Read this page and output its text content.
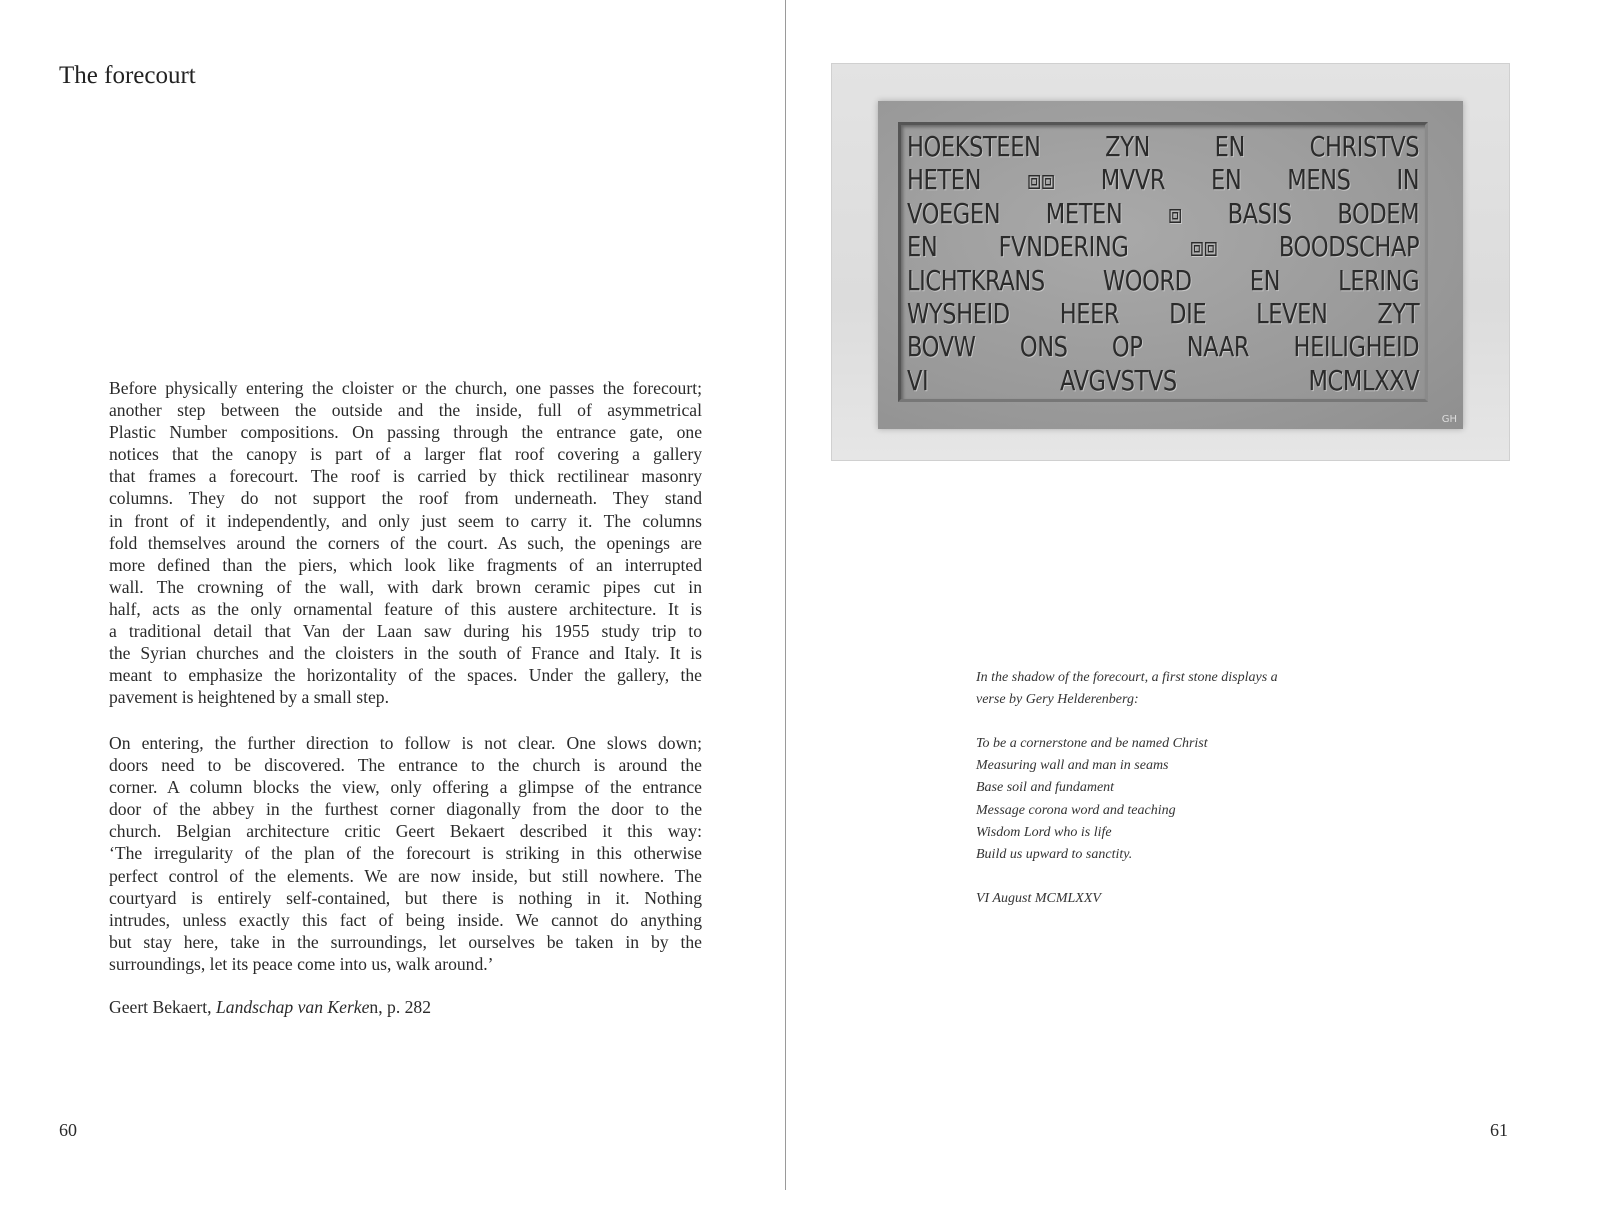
The forecourt
Before physically entering the cloister or the church, one passes the forecourt;
another step between the outside and the inside, full of asymmetrical
Plastic Number compositions. On passing through the entrance gate, one
notices that the canopy is part of a larger flat roof covering a gallery
that frames a forecourt. The roof is carried by thick rectilinear masonry
columns. They do not support the roof from underneath. They stand
in front of it independently, and only just seem to carry it. The columns
fold themselves around the corners of the court. As such, the openings are
more defined than the piers, which look like fragments of an interrupted
wall. The crowning of the wall, with dark brown ceramic pipes cut in
half, acts as the only ornamental feature of this austere architecture. It is
a traditional detail that Van der Laan saw during his 1955 study trip to
the Syrian churches and the cloisters in the south of France and Italy. It is
meant to emphasize the horizontality of the spaces. Under the gallery, the
pavement is heightened by a small step.
On entering, the further direction to follow is not clear. One slows down;
doors need to be discovered. The entrance to the church is around the
corner. A column blocks the view, only offering a glimpse of the entrance
door of the abbey in the furthest corner diagonally from the door to the
church. Belgian architecture critic Geert Bekaert described it this way:
‘The irregularity of the plan of the forecourt is striking in this otherwise
perfect control of the elements. We are now inside, but still nowhere. The
courtyard is entirely self-contained, but there is nothing in it. Nothing
intrudes, unless exactly this fact of being inside. We cannot do anything
but stay here, take in the surroundings, let ourselves be taken in by the
surroundings, let its peace come into us, walk around.’
Geert Bekaert, Landschap van Kerken, p. 282
60
HOEKSTEEN ZYN EN CHRISTVS
HETEN ⧈⧈ MVVR EN MENS IN
VOEGEN METEN ⧈ BASIS BODEM
EN FVNDERING ⧈⧈ BOODSCHAP
LICHTKRANS WOORD EN LERING
WYSHEID HEER DIE LEVEN ZYT
BOVW ONS OP NAAR HEILIGHEID
VI AVGVSTVS MCMLXXV
GH
In the shadow of the forecourt, a first stone displays a
verse by Gery Helderenberg:
To be a cornerstone and be named Christ
Measuring wall and man in seams
Base soil and fundament
Message corona word and teaching
Wisdom Lord who is life
Build us upward to sanctity.
VI August MCMLXXV
61
